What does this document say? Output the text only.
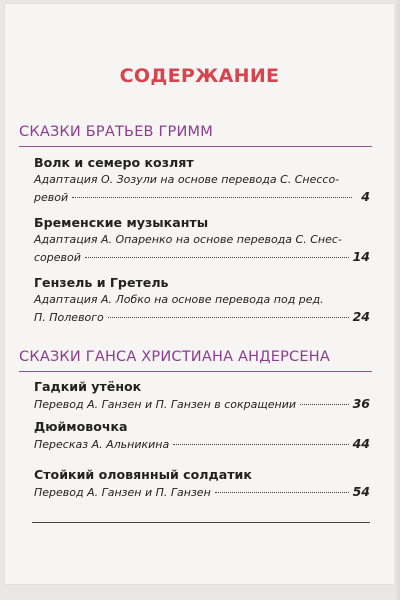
СОДЕРЖАНИЕ
СКАЗКИ БРАТЬЕВ ГРИММ
Волк и семеро козлят
Адаптация О. Зозули на основе перевода С. Снессо-
ревой	4
Бременские музыканты
Адаптация А. Опаренко на основе перевода С. Снес-
соревой	14
Гензель и Гретель
Адаптация А. Лобко на основе перевода под ред.
П. Полевого	24
СКАЗКИ ГАНСА ХРИСТИАНА АНДЕРСЕНА
Гадкий утёнок
Перевод А. Ганзен и П. Ганзен в сокращении	36
Дюймовочка
Пересказ А. Альникина	44
Стойкий оловянный солдатик
Перевод А. Ганзен и П. Ганзен	54
